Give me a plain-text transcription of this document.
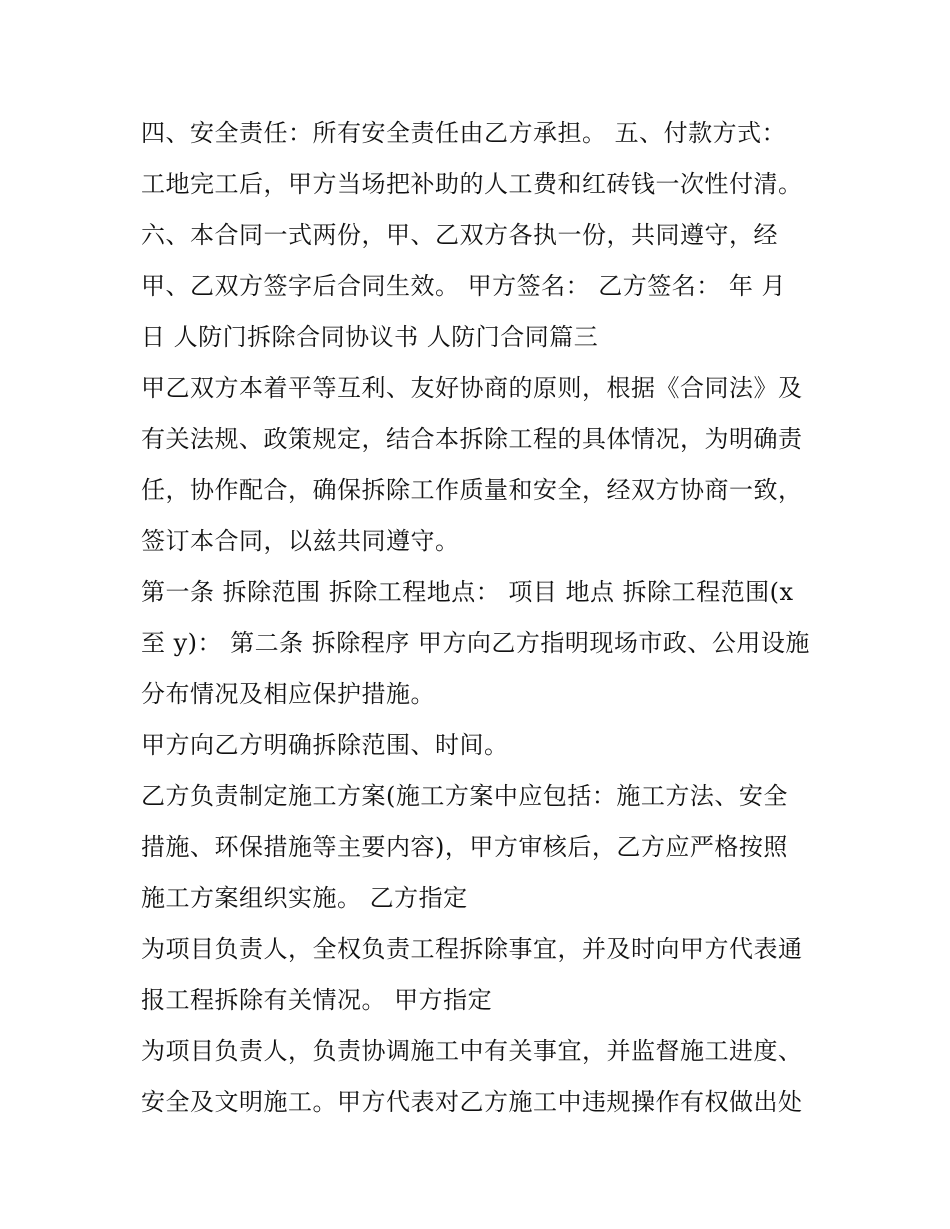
四、安全责任：所有安全责任由乙方承担。 五、付款方式：
工地完工后，甲方当场把补助的人工费和红砖钱一次性付清。
六、本合同一式两份，甲、乙双方各执一份，共同遵守，经
甲、乙双方签字后合同生效。 甲方签名： 乙方签名： 年 月
日 人防门拆除合同协议书 人防门合同篇三
甲乙双方本着平等互利、友好协商的原则，根据《合同法》及
有关法规、政策规定，结合本拆除工程的具体情况，为明确责
任，协作配合，确保拆除工作质量和安全，经双方协商一致，
签订本合同，以兹共同遵守。
第一条 拆除范围 拆除工程地点： 项目 地点 拆除工程范围(x
至 y)： 第二条 拆除程序 甲方向乙方指明现场市政、公用设施
分布情况及相应保护措施。
甲方向乙方明确拆除范围、时间。
乙方负责制定施工方案(施工方案中应包括：施工方法、安全
措施、环保措施等主要内容)，甲方审核后，乙方应严格按照
施工方案组织实施。 乙方指定
为项目负责人，全权负责工程拆除事宜，并及时向甲方代表通
报工程拆除有关情况。 甲方指定
为项目负责人，负责协调施工中有关事宜，并监督施工进度、
安全及文明施工。甲方代表对乙方施工中违规操作有权做出处
